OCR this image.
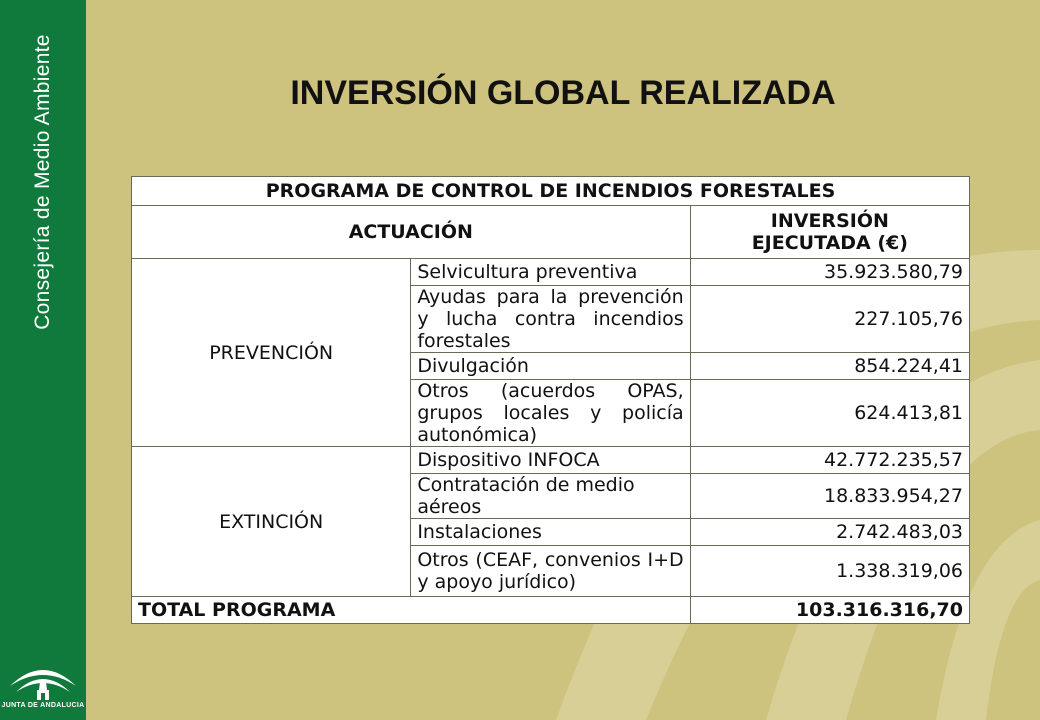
Consejería de Medio Ambiente
JUNTA DE ANDALUCIA
INVERSIÓN GLOBAL REALIZADA
PROGRAMA DE CONTROL DE INCENDIOS FORESTALES		
ACTUACIÓN		INVERSIÓN
EJECUTADA (€)

PREVENCIÓN	Selvicultura preventiva	35.923.580,79
	Ayudas para la prevención y lucha contra incendios forestales	227.105,76
	Divulgación	854.224,41
	Otros (acuerdos OPAS, grupos locales y policía autonómica)	624.413,81
EXTINCIÓN	Dispositivo INFOCA	42.772.235,57
	Contratación de medio aéreos	18.833.954,27
	Instalaciones	2.742.483,03
	Otros (CEAF, convenios I+D y apoyo jurídico)	1.338.319,06
TOTAL PROGRAMA		103.316.316,70
